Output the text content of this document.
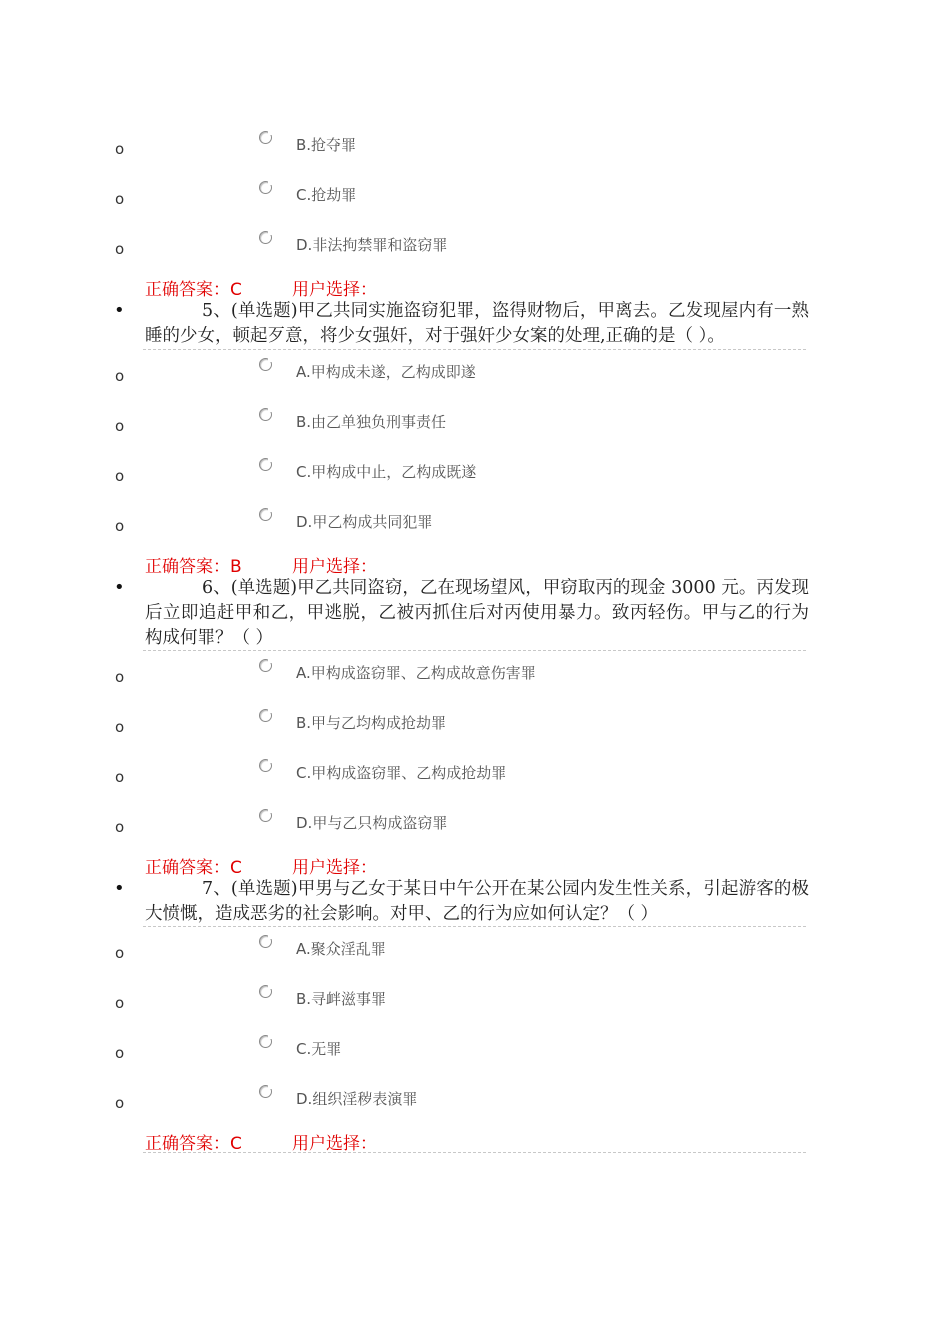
o	B.抢夺罪
o	C.抢劫罪
o	D.非法拘禁罪和盗窃罪
正确答案：C	用户选择：
•	5、(单选题)甲乙共同实施盗窃犯罪，盗得财物后，甲离去。乙发现屋内有一熟睡的少女，顿起歹意，将少女强奸，对于强奸少女案的处理,正确的是（ ）。
o	A.甲构成未遂，乙构成即遂
o	B.由乙单独负刑事责任
o	C.甲构成中止，乙构成既遂
o	D.甲乙构成共同犯罪
正确答案：B	用户选择：
•	6、(单选题)甲乙共同盗窃，乙在现场望风，甲窃取丙的现金 3000 元。丙发现后立即追赶甲和乙，甲逃脱，乙被丙抓住后对丙使用暴力。致丙轻伤。甲与乙的行为构成何罪？（ ）
o	A.甲构成盗窃罪、乙构成故意伤害罪
o	B.甲与乙均构成抢劫罪
o	C.甲构成盗窃罪、乙构成抢劫罪
o	D.甲与乙只构成盗窃罪
正确答案：C	用户选择：
•	7、(单选题)甲男与乙女于某日中午公开在某公园内发生性关系，引起游客的极大愤慨，造成恶劣的社会影响。对甲、乙的行为应如何认定？（ ）
o	A.聚众淫乱罪
o	B.寻衅滋事罪
o	C.无罪
o	D.组织淫秽表演罪
正确答案：C	用户选择：
